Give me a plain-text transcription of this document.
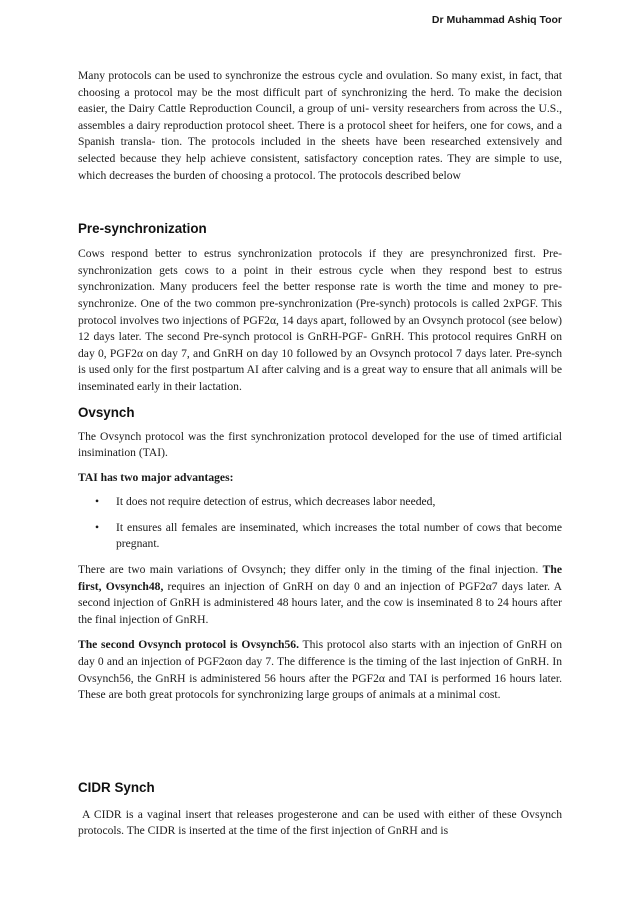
Dr Muhammad Ashiq Toor

Many protocols can be used to synchronize the estrous cycle and ovulation. So many exist, in fact, that choosing a protocol may be the most difficult part of synchronizing the herd. To make the decision easier, the Dairy Cattle Reproduction Council, a group of uni- versity researchers from across the U.S., assembles a dairy reproduction protocol sheet. There is a protocol sheet for heifers, one for cows, and a Spanish transla- tion. The protocols included in the sheets have been researched extensively and selected because they help achieve consistent, satisfactory conception rates. They are simple to use, which decreases the burden of choosing a protocol. The protocols described below

Pre-synchronization

Cows respond better to estrus synchronization protocols if they are presynchronized first. Pre-synchronization gets cows to a point in their estrous cycle when they respond best to estrus synchronization. Many producers feel the better response rate is worth the time and money to pre-synchronize. One of the two common pre-synchronization (Pre-synch) protocols is called 2xPGF. This protocol involves two injections of PGF2α, 14 days apart, followed by an Ovsynch protocol (see below) 12 days later. The second Pre-synch protocol is GnRH-PGF- GnRH. This protocol requires GnRH on day 0, PGF2α on day 7, and GnRH on day 10 followed by an Ovsynch protocol 7 days later. Pre-synch is used only for the first postpartum AI after calving and is a great way to ensure that all animals will be inseminated early in their lactation.

Ovsynch

The Ovsynch protocol was the first synchronization protocol developed for the use of timed artificial insimination (TAI).

TAI has two major advantages:

• It does not require detection of estrus, which decreases labor needed,
• It ensures all females are inseminated, which increases the total number of cows that become pregnant.

There are two main variations of Ovsynch; they differ only in the timing of the final injection. The first, Ovsynch48, requires an injection of GnRH on day 0 and an injection of PGF2α7 days later. A second injection of GnRH is administered 48 hours later, and the cow is inseminated 8 to 24 hours after the final injection of GnRH.

The second Ovsynch protocol is Ovsynch56. This protocol also starts with an injection of GnRH on day 0 and an injection of PGF2αon day 7. The difference is the timing of the last injection of GnRH. In Ovsynch56, the GnRH is administered 56 hours after the PGF2α and TAI is performed 16 hours later. These are both great protocols for synchronizing large groups of animals at a minimal cost.

CIDR Synch

A CIDR is a vaginal insert that releases progesterone and can be used with either of these Ovsynch protocols. The CIDR is inserted at the time of the first injection of GnRH and is
